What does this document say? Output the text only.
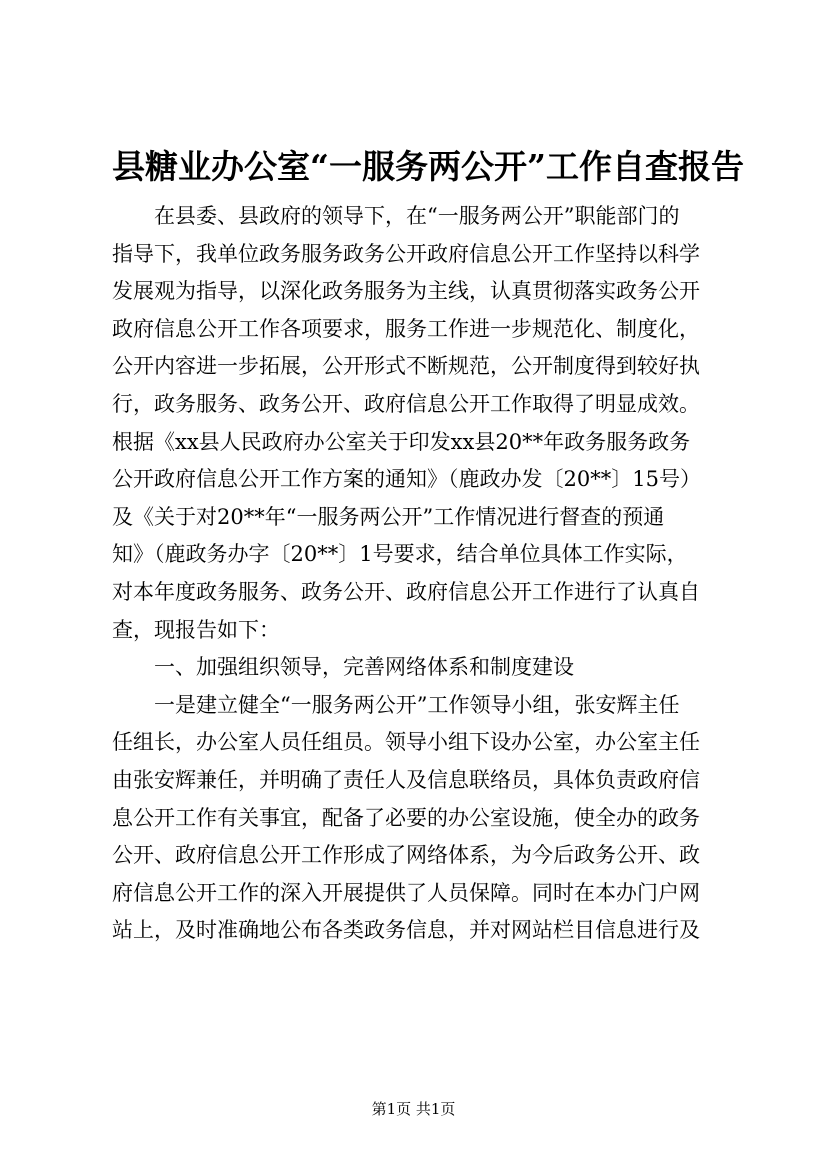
县糖业办公室“一服务两公开”工作自查报告
在县委、县政府的领导下，在“一服务两公开”职能部门的
指导下，我单位政务服务政务公开政府信息公开工作坚持以科学
发展观为指导，以深化政务服务为主线，认真贯彻落实政务公开
政府信息公开工作各项要求，服务工作进一步规范化、制度化，
公开内容进一步拓展，公开形式不断规范，公开制度得到较好执
行，政务服务、政务公开、政府信息公开工作取得了明显成效。
根据《xx县人民政府办公室关于印发xx县20**年政务服务政务
公开政府信息公开工作方案的通知》（鹿政办发〔20**〕15号）
及《关于对20**年“一服务两公开”工作情况进行督查的预通
知》（鹿政务办字〔20**〕1号要求，结合单位具体工作实际，
对本年度政务服务、政务公开、政府信息公开工作进行了认真自
查，现报告如下：
一、加强组织领导，完善网络体系和制度建设
一是建立健全“一服务两公开”工作领导小组，张安辉主任
任组长，办公室人员任组员。领导小组下设办公室，办公室主任
由张安辉兼任，并明确了责任人及信息联络员，具体负责政府信
息公开工作有关事宜，配备了必要的办公室设施，使全办的政务
公开、政府信息公开工作形成了网络体系，为今后政务公开、政
府信息公开工作的深入开展提供了人员保障。同时在本办门户网
站上，及时准确地公布各类政务信息，并对网站栏目信息进行及
第1页 共1页
